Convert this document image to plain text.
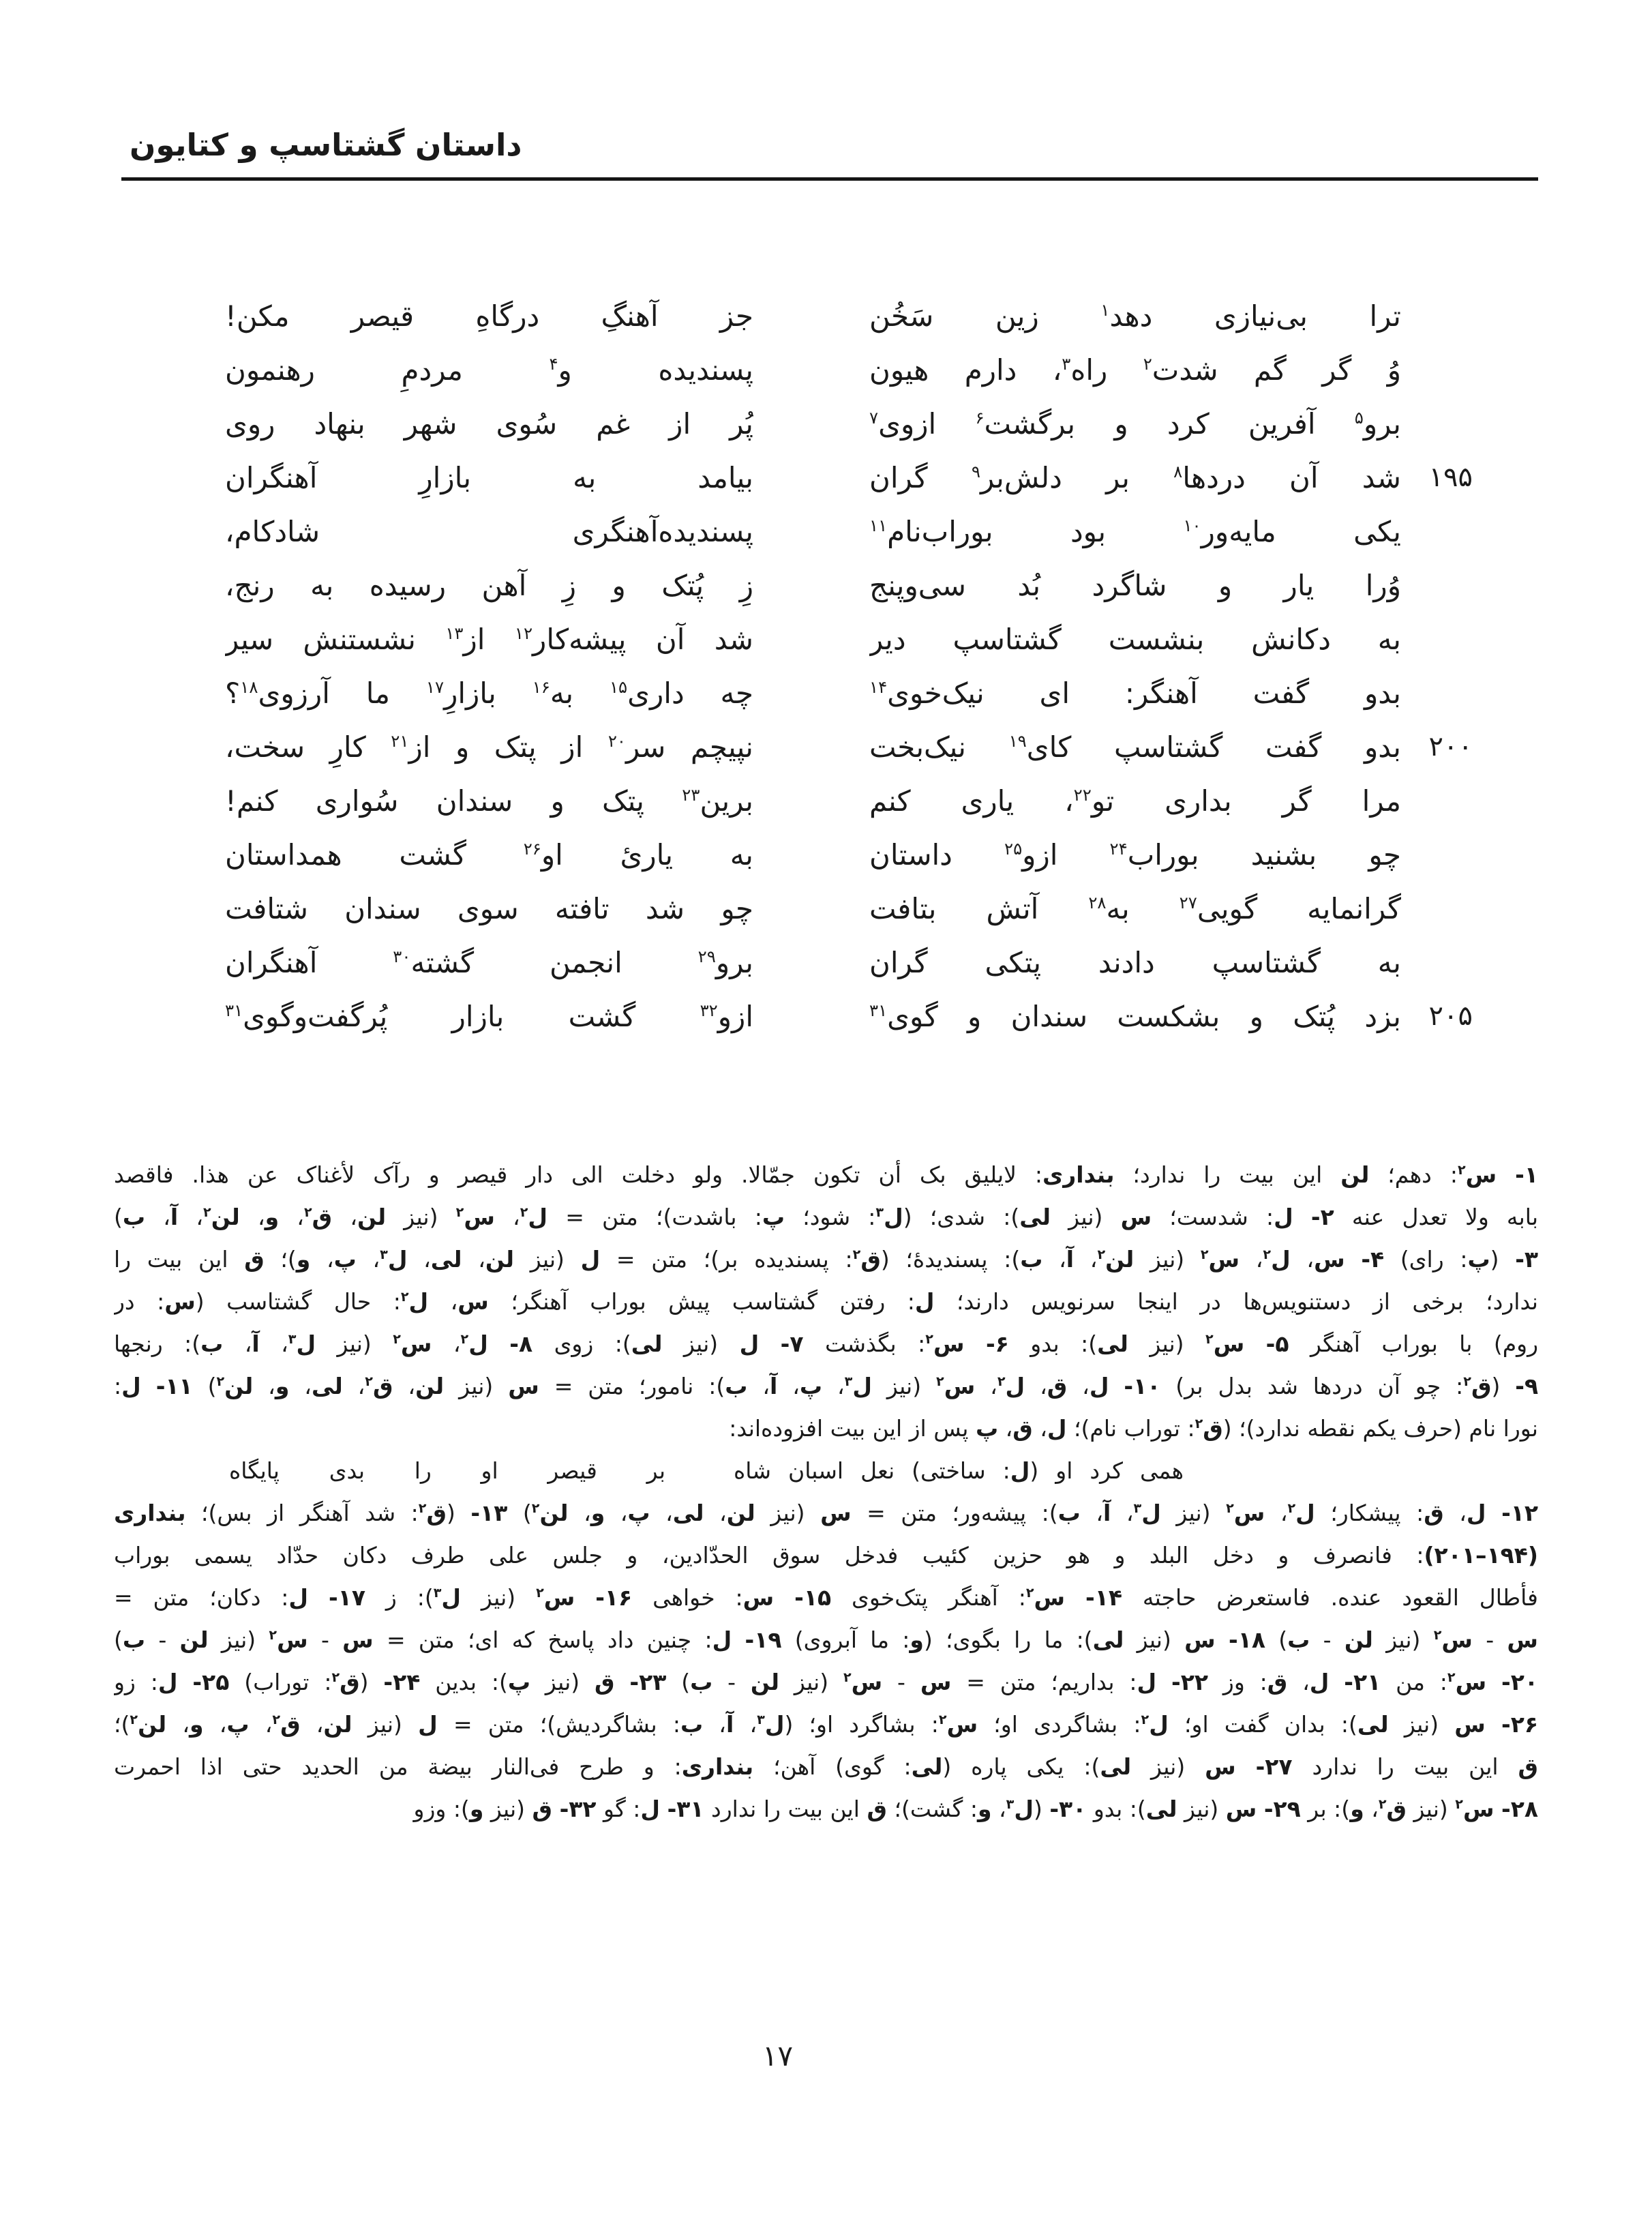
داستان گشتاسپ و کتایون
ترا بی‌نیازی دهد$^۱$ زین سَخُن
جز آهنگِ درگاهِ قیصر مکن!
وُ گر گم شدت$^۲$ راه$^۳$، دارم هیون
پسندیده و$^۴$ مردمِ رهنمون
برو$^۵$ آفرین کرد و برگشت$^۶$ ازوی$^۷$
پُر از غم سُوی شهر بنهاد روی
۱۹۵
شد آن دردها$^۸$ بر دلش‌بر$^۹$ گران
بیامد به بازارِ آهنگران
یکی مایه‌ور$^{۱۰}$ بود بوراب‌نام$^{۱۱}$
پسندیده‌آهنگری شادکام،
وُرا یار و شاگرد بُد سی‌وپنج
زِ پُتک و زِ آهن رسیده به رنج،
به دکانش بنشست گشتاسپ دیر
شد آن پیشه‌کار$^{۱۲}$ از$^{۱۳}$ نشستنش سیر
بدو گفت آهنگر: ای نیک‌خوی$^{۱۴}$
چه داری$^{۱۵}$ به$^{۱۶}$ بازارِ$^{۱۷}$ ما آرزوی$^{۱۸}$؟
۲۰۰
بدو گفت گشتاسپ کای$^{۱۹}$ نیک‌بخت
نپیچم سر$^{۲۰}$ از پتک و از$^{۲۱}$ کارِ سخت،
مرا گر بداری تو$^{۲۲}$، یاری کنم
برین$^{۲۳}$ پتک و سندان سُواری کنم!
چو بشنید بوراب$^{۲۴}$ ازو$^{۲۵}$ داستان
به یاریٔ او$^{۲۶}$ گشت همداستان
گرانمایه گویی$^{۲۷}$ به$^{۲۸}$ آتش بتافت
چو شد تافته سوی سندان شتافت
به گشتاسپ دادند پتکی گران
برو$^{۲۹}$ انجمن گشته$^{۳۰}$ آهنگران
۲۰۵
بزد پُتک و بشکست سندان و گوی$^{۳۱}$
ازو$^{۳۲}$ گشت بازار پُرگفت‌وگوی$^{۳۱}$
۱- س$^۲$: دهم؛ لن این بیت را ندارد؛ بنداری: لایلیق بک أن تکون جمّالا. ولو دخلت الی دار قیصر و رآک لأغناک عن هذا. فاقصد
بابه ولا تعدل عنه ۲- ل: شدست؛ س (نیز لی): شدی؛ (ل$^۳$: شود؛ پ: باشدت)؛ متن = ل$^۲$، س$^۲$ (نیز لن، ق$^۲$، و، لن$^۲$، آ، ب)
۳- (پ: رای) ۴- س، ل$^۲$، س$^۲$ (نیز لن$^۲$، آ، ب): پسندیدهٔ؛ (ق$^۲$: پسندیده بر)؛ متن = ل (نیز لن، لی، ل$^۳$، پ، و)؛ ق این بیت را
ندارد؛ برخی از دستنویس‌ها در اینجا سرنویس دارند؛ ل: رفتن گشتاسب پیش بوراب آهنگر؛ س، ل$^۲$: حال گشتاسب (س: در
روم) با بوراب آهنگر ۵- س$^۲$ (نیز لی): بدو ۶- س$^۲$: بگذشت ۷- ل (نیز لی): زوی ۸- ل$^۲$، س$^۲$ (نیز ل$^۳$، آ، ب): رنجها
۹- (ق$^۲$: چو آن دردها شد بدل بر) ۱۰- ل، ق، ل$^۲$، س$^۲$ (نیز ل$^۳$، پ، آ، ب): نامور؛ متن = س (نیز لن، ق$^۲$، لی، و، لن$^۲$) ۱۱- ل:
نورا نام (حرف یکم نقطه ندارد)؛ (ق$^۲$: توراب نام)؛ ل، ق، پ پس از این بیت افزوده‌اند:
همی کرد او (ل: ساختی) نعل اسبان شاه
بر قیصر او را بدی پایگاه
۱۲- ل، ق: پیشکار؛ ل$^۲$، س$^۲$ (نیز ل$^۳$، آ، ب): پیشه‌ور؛ متن = س (نیز لن، لی، پ، و، لن$^۲$) ۱۳- (ق$^۲$: شد آهنگر از بس)؛ بنداری
(۱۹۴–۲۰۱): فانصرف و دخل البلد و هو حزین کئیب فدخل سوق الحدّادین، و جلس علی طرف دکان حدّاد یسمی بوراب
فأطال القعود عنده. فاستعرض حاجته ۱۴- س$^۲$: آهنگر پتک‌خوی ۱۵- س: خواهی ۱۶- س$^۲$ (نیز ل$^۳$): ز ۱۷- ل: دکان؛ متن =
س - س$^۲$ (نیز لن - ب) ۱۸- س (نیز لی): ما را بگوی؛ (و: ما آبروی) ۱۹- ل: چنین داد پاسخ که ای؛ متن = س - س$^۲$ (نیز لن - ب)
۲۰- س$^۲$: من ۲۱- ل، ق: وز ۲۲- ل: بداریم؛ متن = س - س$^۲$ (نیز لن - ب) ۲۳- ق (نیز پ): بدین ۲۴- (ق$^۲$: توراب) ۲۵- ل: زو
۲۶- س (نیز لی): بدان گفت او؛ ل$^۲$: بشاگردی او؛ س$^۲$: بشاگرد او؛ (ل$^۳$، آ، ب: بشاگردیش)؛ متن = ل (نیز لن، ق$^۲$، پ، و، لن$^۲$)؛
ق این بیت را ندارد ۲۷- س (نیز لی): یکی پاره (لی: گوی) آهن؛ بنداری: و طرح فی‌النار بیضة من الحدید حتی اذا احمرت
۲۸- س$^۲$ (نیز ق$^۲$، و): بر ۲۹- س (نیز لی): بدو ۳۰- (ل$^۳$، و: گشت)؛ ق این بیت را ندارد ۳۱- ل: گو ۳۲- ق (نیز و): وزو
۱۷
